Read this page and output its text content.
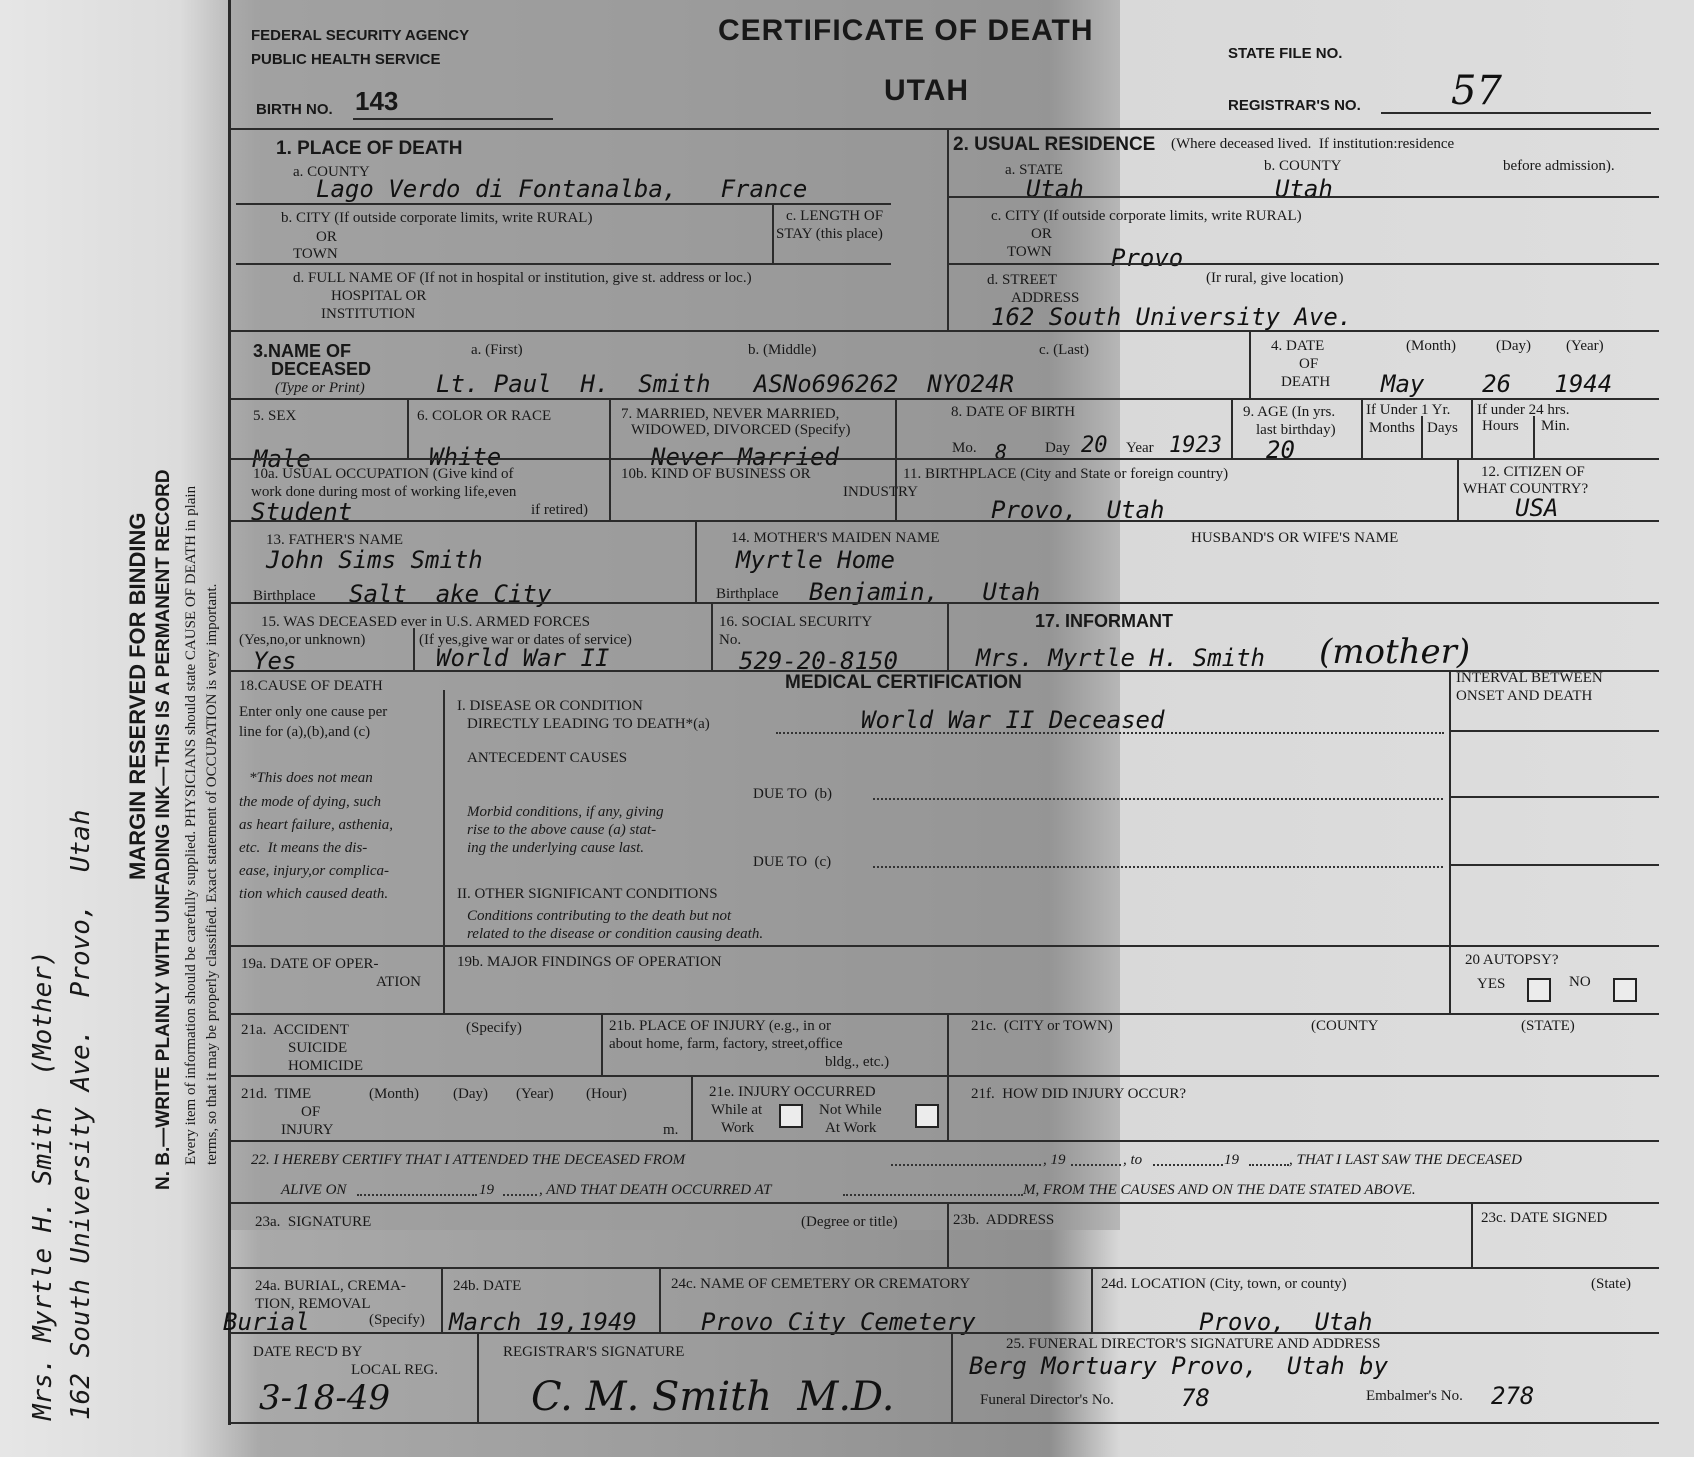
MARGIN RESERVED FOR BINDING N. B.—WRITE PLAINLY WITH UNFADING INK—THIS IS A PERMANENT RECORD Every item of information should be carefully supplied. PHYSICIANS should state CAUSE OF DEATH in plain terms, so that it may be properly classified. Exact statement of OCCUPATION is very important.
Mrs. Myrtle H. Smith  (Mother) 162 South University Ave.  Provo,  Utah
FEDERAL SECURITY AGENCY
PUBLIC HEALTH SERVICE
CERTIFICATE OF DEATH
UTAH
STATE FILE NO.
BIRTH NO. 143	REGISTRAR'S NO. 57
1. PLACE OF DEATH
a. COUNTY
Lago Verdo di Fontanalba,   France
b. CITY (If outside corporate limits, write RURAL)
OR
TOWN
c. LENGTH OF
STAY (this place)
d. FULL NAME OF (If not in hospital or institution, give st. address or loc.)
HOSPITAL OR
INSTITUTION
2. USUAL RESIDENCE (Where deceased lived.  If institution:residence
before admission).
a. STATE	b. COUNTY
Utah	Utah
c. CITY (If outside corporate limits, write RURAL)
OR
TOWN Provo
d. STREET
ADDRESS
(Ir rural, give location)
162 South University Ave.
3.NAME OF
DECEASED
(Type or Print)
a. (First)	b. (Middle)	c. (Last)
Lt. Paul  H.  Smith   ASNo696262  NYO24R
4. DATE
OF
DEATH
(Month)	(Day) (Year)
May    26   1944
5. SEX
Male
6. COLOR OR RACE
White
7. MARRIED, NEVER MARRIED,
WIDOWED, DIVORCED (Specify)
Never Married
8. DATE OF BIRTH
Mo. 8	Day 20 Year 1923
9. AGE (In yrs.
last birthday)
20
If Under 1 Yr.
Months Days
If under 24 hrs.
Hours Min.
10a. USUAL OCCUPATION (Give kind of
work done during most of working life,even
if retired)
Student
10b. KIND OF BUSINESS OR
INDUSTRY
11. BIRTHPLACE (City and State or foreign country)
Provo,  Utah
12. CITIZEN OF
WHAT COUNTRY?
USA
13. FATHER'S NAME
John Sims Smith
Birthplace Salt  ake City
14. MOTHER'S MAIDEN NAME
Myrtle Home
Birthplace Benjamin,   Utah
HUSBAND'S OR WIFE'S NAME
15. WAS DECEASED ever in U.S. ARMED FORCES
(Yes,no,or unknown)	(If yes,give war or dates of service)
Yes	World War II
16. SOCIAL SECURITY
No.
529-20-8150
17. INFORMANT
Mrs. Myrtle H. Smith (mother)
18.CAUSE OF DEATH	MEDICAL CERTIFICATION	INTERVAL BETWEEN
ONSET AND DEATH
Enter only one cause per
line for (a),(b),and (c)
*This does not mean
the mode of dying, such
as heart failure, asthenia,
etc.  It means the dis-
ease, injury,or complica-
tion which caused death.
I. DISEASE OR CONDITION
DIRECTLY LEADING TO DEATH*(a)	World War II Deceased
ANTECEDENT CAUSES
DUE TO  (b)
Morbid conditions, if any, giving
rise to the above cause (a) stat-
ing the underlying cause last.
DUE TO  (c)
II. OTHER SIGNIFICANT CONDITIONS
Conditions contributing to the death but not
related to the disease or condition causing death.
19a. DATE OF OPER-
ATION
19b. MAJOR FINDINGS OF OPERATION	20 AUTOPSY?
YES	NO
21a.  ACCIDENT	(Specify)
SUICIDE
HOMICIDE
21b. PLACE OF INJURY (e.g., in or
about home, farm, factory, street,office
bldg., etc.)
21c.  (CITY or TOWN)	(COUNTY	(STATE)
21d.  TIME
OF
INJURY
(Month) (Day) (Year) (Hour)
m.
21e. INJURY OCCURRED
While at
Work
Not While
At Work
21f.  HOW DID INJURY OCCUR?
22. I HEREBY CERTIFY THAT I ATTENDED THE DECEASED FROM	, 19	, to	19	, THAT I LAST SAW THE DECEASED
ALIVE ON	19	, AND THAT DEATH OCCURRED AT	M, FROM THE CAUSES AND ON THE DATE STATED ABOVE.
23a.  SIGNATURE	(Degree or title)	23b.  ADDRESS	23c. DATE SIGNED
24a. BURIAL, CREMA-
TION, REMOVAL
(Specify)
Burial
24b. DATE
March 19,1949
24c. NAME OF CEMETERY OR CREMATORY
Provo City Cemetery
24d. LOCATION (City, town, or county)	(State)
Provo,  Utah
DATE REC'D BY
LOCAL REG.
3-18-49
REGISTRAR'S SIGNATURE
C. M. Smith  M.D.
25. FUNERAL DIRECTOR'S SIGNATURE AND ADDRESS
Berg Mortuary Provo,  Utah by
Funeral Director's No.	78	Embalmer's No. 278
